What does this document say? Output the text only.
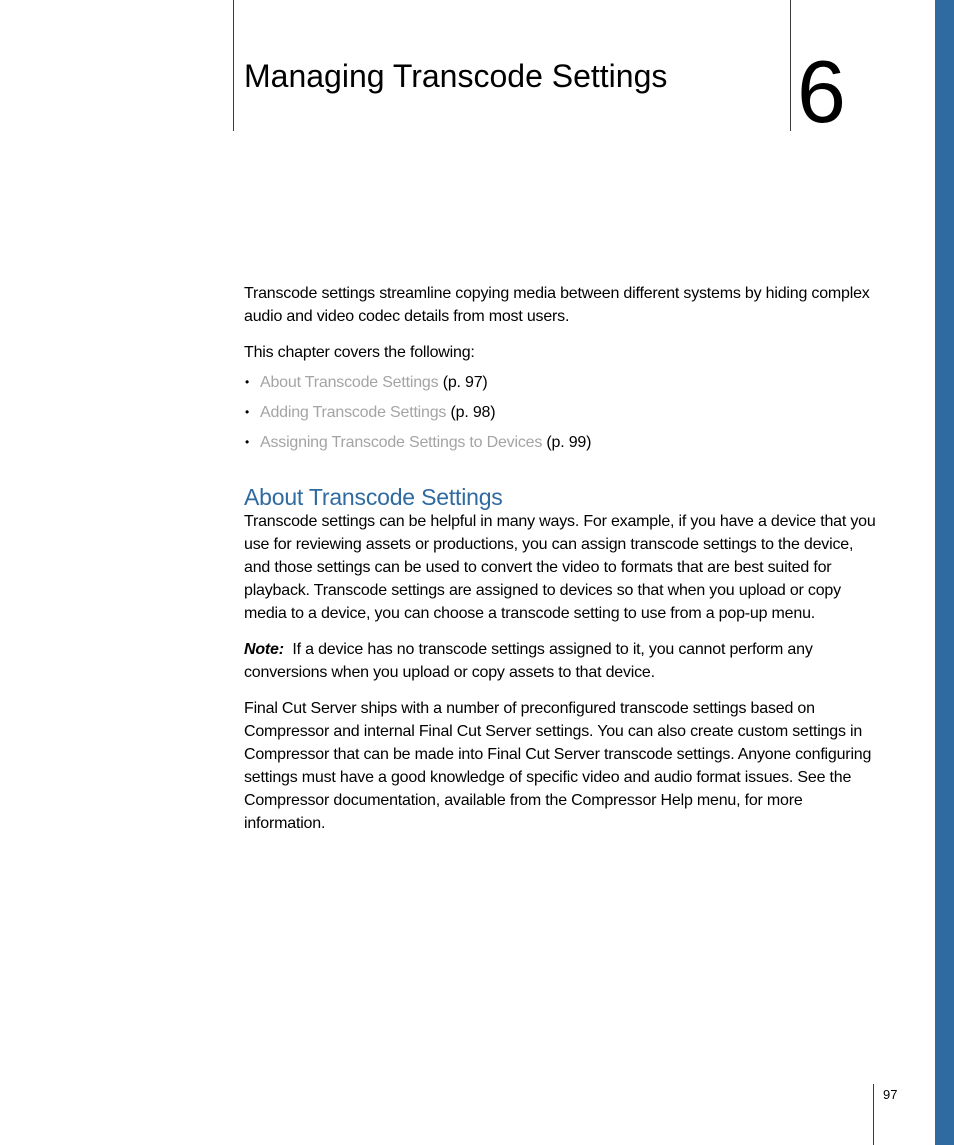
Managing Transcode Settings 6

Transcode settings streamline copying media between different systems by hiding complex audio and video codec details from most users.

This chapter covers the following:

• About Transcode Settings (p. 97)
• Adding Transcode Settings (p. 98)
• Assigning Transcode Settings to Devices (p. 99)
About Transcode Settings

Transcode settings can be helpful in many ways. For example, if you have a device that you use for reviewing assets or productions, you can assign transcode settings to the device, and those settings can be used to convert the video to formats that are best suited for playback. Transcode settings are assigned to devices so that when you upload or copy media to a device, you can choose a transcode setting to use from a pop-up menu.

Note: If a device has no transcode settings assigned to it, you cannot perform any conversions when you upload or copy assets to that device.

Final Cut Server ships with a number of preconfigured transcode settings based on Compressor and internal Final Cut Server settings. You can also create custom settings in Compressor that can be made into Final Cut Server transcode settings. Anyone configuring settings must have a good knowledge of specific video and audio format issues. See the Compressor documentation, available from the Compressor Help menu, for more information.

97
